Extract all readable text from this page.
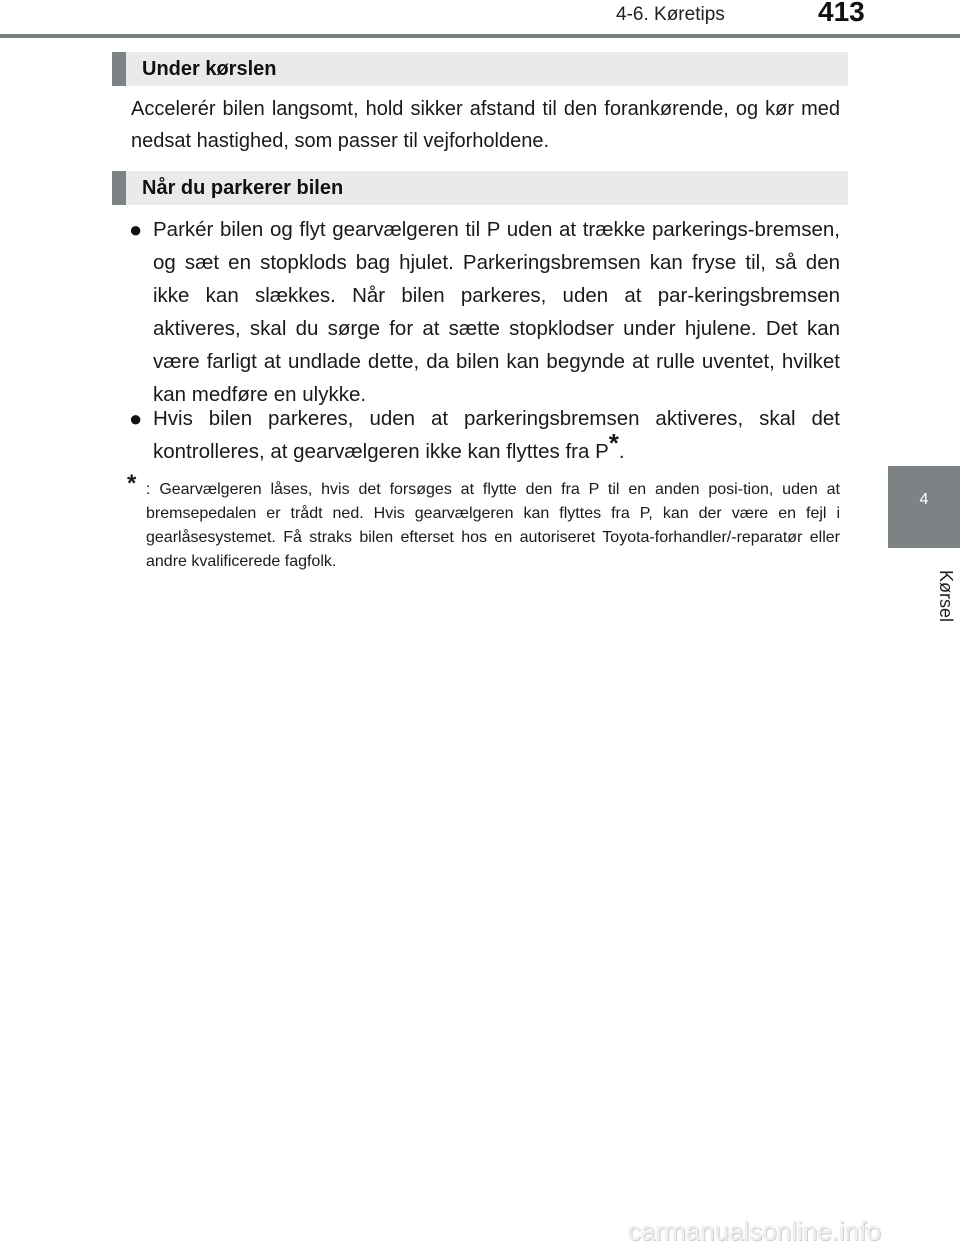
4-6. Køretips	413
4
Kørsel
Under kørslen

Accelerér bilen langsomt, hold sikker afstand til den forankørende, og kør med nedsat hastighed, som passer til vejforholdene.

Når du parkerer bilen
● Parkér bilen og flyt gearvælgeren til P uden at trække parkerings-bremsen, og sæt en stopklods bag hjulet. Parkeringsbremsen kan fryse til, så den ikke kan slækkes. Når bilen parkeres, uden at par-keringsbremsen aktiveres, skal du sørge for at sætte stopklodser under hjulene. Det kan være farligt at undlade dette, da bilen kan begynde at rulle uventet, hvilket kan medføre en ulykke.
● Hvis bilen parkeres, uden at parkeringsbremsen aktiveres, skal det kontrolleres, at gearvælgeren ikke kan flyttes fra P*.
* : Gearvælgeren låses, hvis det forsøges at flytte den fra P til en anden posi-tion, uden at bremsepedalen er trådt ned. Hvis gearvælgeren kan flyttes fra P, kan der være en fejl i gearlåsesystemet. Få straks bilen efterset hos en autoriseret Toyota-forhandler/-reparatør eller andre kvalificerede fagfolk.
carmanualsonline.info
